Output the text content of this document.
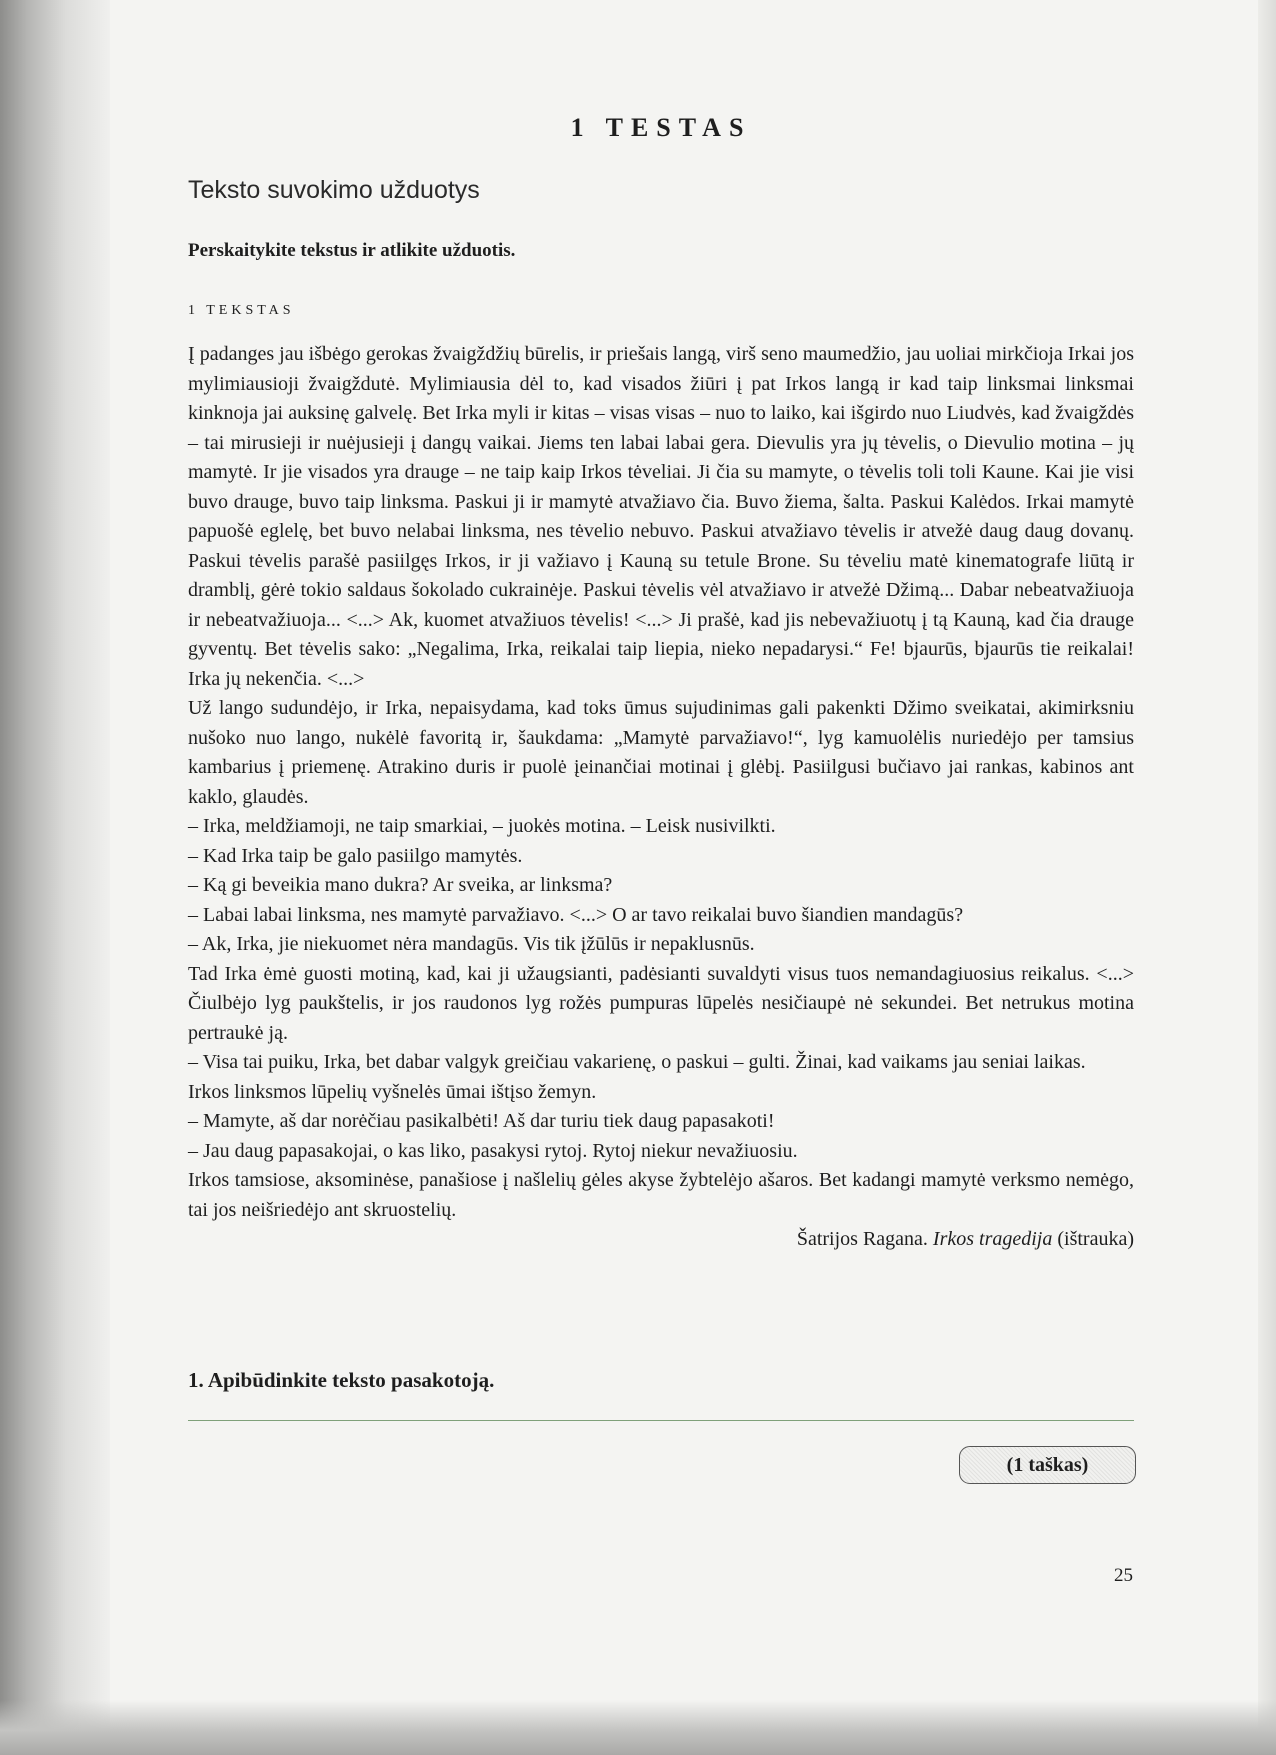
1 TESTAS
Teksto suvokimo užduotys
Perskaitykite tekstus ir atlikite užduotis.
1 TEKSTAS

Į padanges jau išbėgo gerokas žvaigždžių būrelis, ir priešais langą, virš seno maumedžio, jau uoliai mirkčioja Irkai jos mylimiausioji žvaigždutė. Mylimiausia dėl to, kad visados žiūri į pat Irkos langą ir kad taip linksmai linksmai kinknoja jai auksinę galvelę. Bet Irka myli ir kitas – visas visas – nuo to laiko, kai išgirdo nuo Liudvės, kad žvaigždės – tai mirusieji ir nuėjusieji į dangų vaikai. Jiems ten labai labai gera. Dievulis yra jų tėvelis, o Dievulio motina – jų mamytė. Ir jie visados yra drauge – ne taip kaip Irkos tėveliai. Ji čia su mamyte, o tėvelis toli toli Kaune. Kai jie visi buvo drauge, buvo taip linksma. Paskui ji ir mamytė atvažiavo čia. Buvo žiema, šalta. Paskui Kalėdos. Irkai mamytė papuošė eglelę, bet buvo nelabai linksma, nes tėvelio nebuvo. Paskui atvažiavo tėvelis ir atvežė daug daug dovanų. Paskui tėvelis parašė pasiilgęs Irkos, ir ji važiavo į Kauną su tetule Brone. Su tėveliu matė kinematografe liūtą ir dramblį, gėrė tokio saldaus šokolado cukrainėje. Paskui tėvelis vėl atvažiavo ir atvežė Džimą... Dabar nebeatvažiuoja ir nebeatvažiuoja... <...> Ak, kuomet atvažiuos tėvelis! <...> Ji prašė, kad jis nebevažiuotų į tą Kauną, kad čia drauge gyventų. Bet tėvelis sako: „Negalima, Irka, reikalai taip liepia, nieko nepadarysi.“ Fe! bjaurūs, bjaurūs tie reikalai! Irka jų nekenčia. <...>

Už lango sudundėjo, ir Irka, nepaisydama, kad toks ūmus sujudinimas gali pakenkti Džimo sveikatai, akimirksniu nušoko nuo lango, nukėlė favoritą ir, šaukdama: „Mamytė parvažiavo!“, lyg kamuolėlis nuriedėjo per tamsius kambarius į priemenę. Atrakino duris ir puolė įeinančiai motinai į glėbį. Pasiilgusi bučiavo jai rankas, kabinos ant kaklo, glaudės.

– Irka, meldžiamoji, ne taip smarkiai, – juokės motina. – Leisk nusivilkti.

– Kad Irka taip be galo pasiilgo mamytės.

– Ką gi beveikia mano dukra? Ar sveika, ar linksma?

– Labai labai linksma, nes mamytė parvažiavo. <...> O ar tavo reikalai buvo šiandien mandagūs?

– Ak, Irka, jie niekuomet nėra mandagūs. Vis tik įžūlūs ir nepaklusnūs.

Tad Irka ėmė guosti motiną, kad, kai ji užaugsianti, padėsianti suvaldyti visus tuos nemandagiuosius reikalus. <...> Čiulbėjo lyg paukštelis, ir jos raudonos lyg rožės pumpuras lūpelės nesičiaupė nė sekundei. Bet netrukus motina pertraukė ją.

– Visa tai puiku, Irka, bet dabar valgyk greičiau vakarienę, o paskui – gulti. Žinai, kad vaikams jau seniai laikas.

Irkos linksmos lūpelių vyšnelės ūmai ištįso žemyn.

– Mamyte, aš dar norėčiau pasikalbėti! Aš dar turiu tiek daug papasakoti!

– Jau daug papasakojai, o kas liko, pasakysi rytoj. Rytoj niekur nevažiuosiu.

Irkos tamsiose, aksominėse, panašiose į našlelių gėles akyse žybtelėjo ašaros. Bet kadangi mamytė verksmo nemėgo, tai jos neišriedėjo ant skruostelių.

Šatrijos Ragana. Irkos tragedija (ištrauka)

1. Apibūdinkite teksto pasakotoją.
(1 taškas)
25
